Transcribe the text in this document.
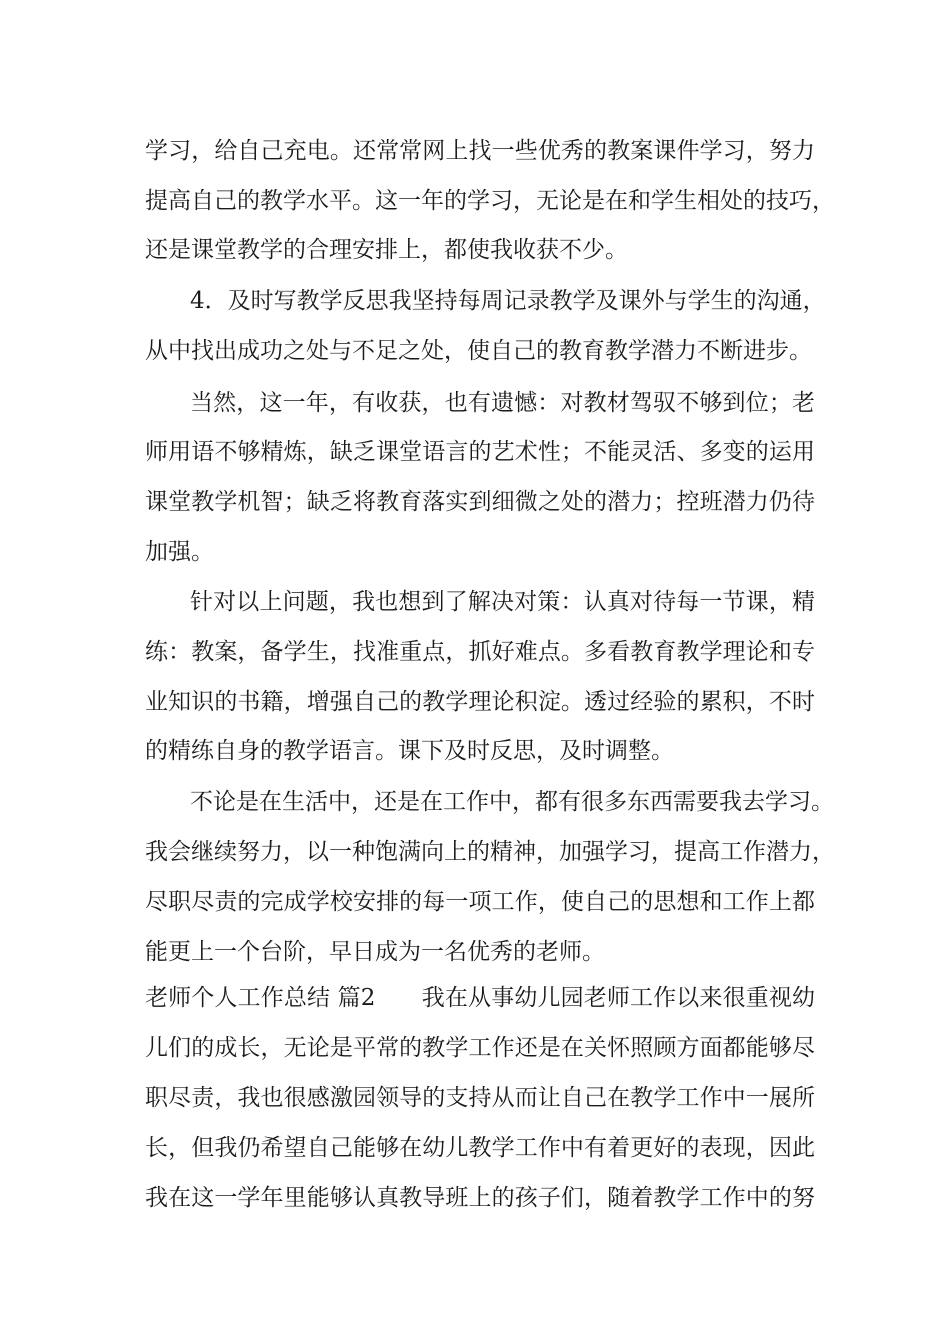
学习，给自己充电。还常常网上找一些优秀的教案课件学习，努力
提高自己的教学水平。这一年的学习，无论是在和学生相处的技巧，
还是课堂教学的合理安排上，都使我收获不少。
4．及时写教学反思我坚持每周记录教学及课外与学生的沟通，
从中找出成功之处与不足之处，使自己的教育教学潜力不断进步。
当然，这一年，有收获，也有遗憾：对教材驾驭不够到位；老
师用语不够精炼，缺乏课堂语言的艺术性；不能灵活、多变的运用
课堂教学机智；缺乏将教育落实到细微之处的潜力；控班潜力仍待
加强。
针对以上问题，我也想到了解决对策：认真对待每一节课，精
练：教案，备学生，找准重点，抓好难点。多看教育教学理论和专
业知识的书籍，增强自己的教学理论积淀。透过经验的累积，不时
的精练自身的教学语言。课下及时反思，及时调整。
不论是在生活中，还是在工作中，都有很多东西需要我去学习。
我会继续努力，以一种饱满向上的精神，加强学习，提高工作潜力，
尽职尽责的完成学校安排的每一项工作，使自己的思想和工作上都
能更上一个台阶，早日成为一名优秀的老师。
老师个人工作总结 篇2　　我在从事幼儿园老师工作以来很重视幼
儿们的成长，无论是平常的教学工作还是在关怀照顾方面都能够尽
职尽责，我也很感激园领导的支持从而让自己在教学工作中一展所
长，但我仍希望自己能够在幼儿教学工作中有着更好的表现，因此
我在这一学年里能够认真教导班上的孩子们，随着教学工作中的努
